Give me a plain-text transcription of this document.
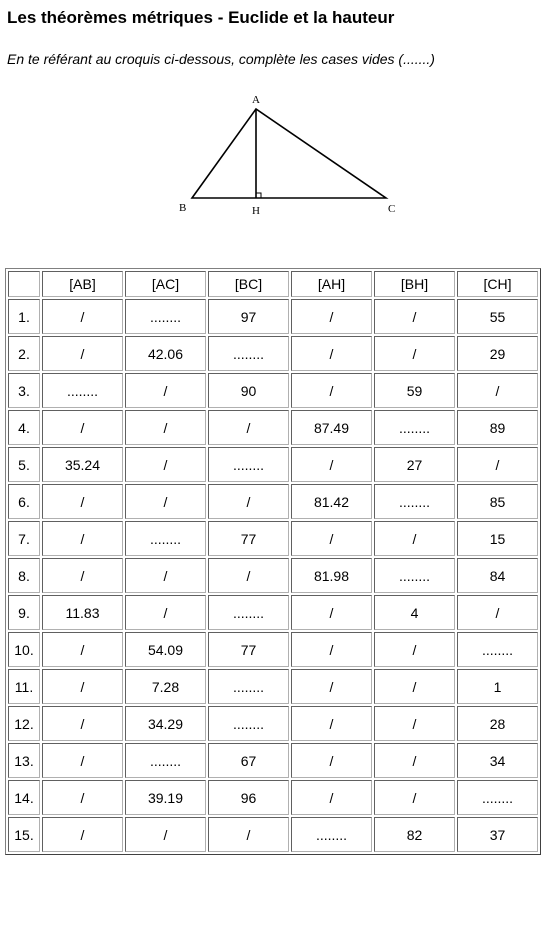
Les théorèmes métriques - Euclide et la hauteur
En te référant au croquis ci-dessous, complète les cases vides (.......)
A
B	H	C
	[AB]	[AC]	[BC]	[AH]	[BH]	[CH]
1.	/	........	97	/	/	55
2.	/	42.06	........	/	/	29
3.	........	/	90	/	59	/
4.	/	/	/	87.49	........	89
5.	35.24	/	........	/	27	/
6.	/	/	/	81.42	........	85
7.	/	........	77	/	/	15
8.	/	/	/	81.98	........	84
9.	11.83	/	........	/	4	/
10.	/	54.09	77	/	/	........
11.	/	7.28	........	/	/	1
12.	/	34.29	........	/	/	28
13.	/	........	67	/	/	34
14.	/	39.19	96	/	/	........
15.	/	/	/	........	82	37
